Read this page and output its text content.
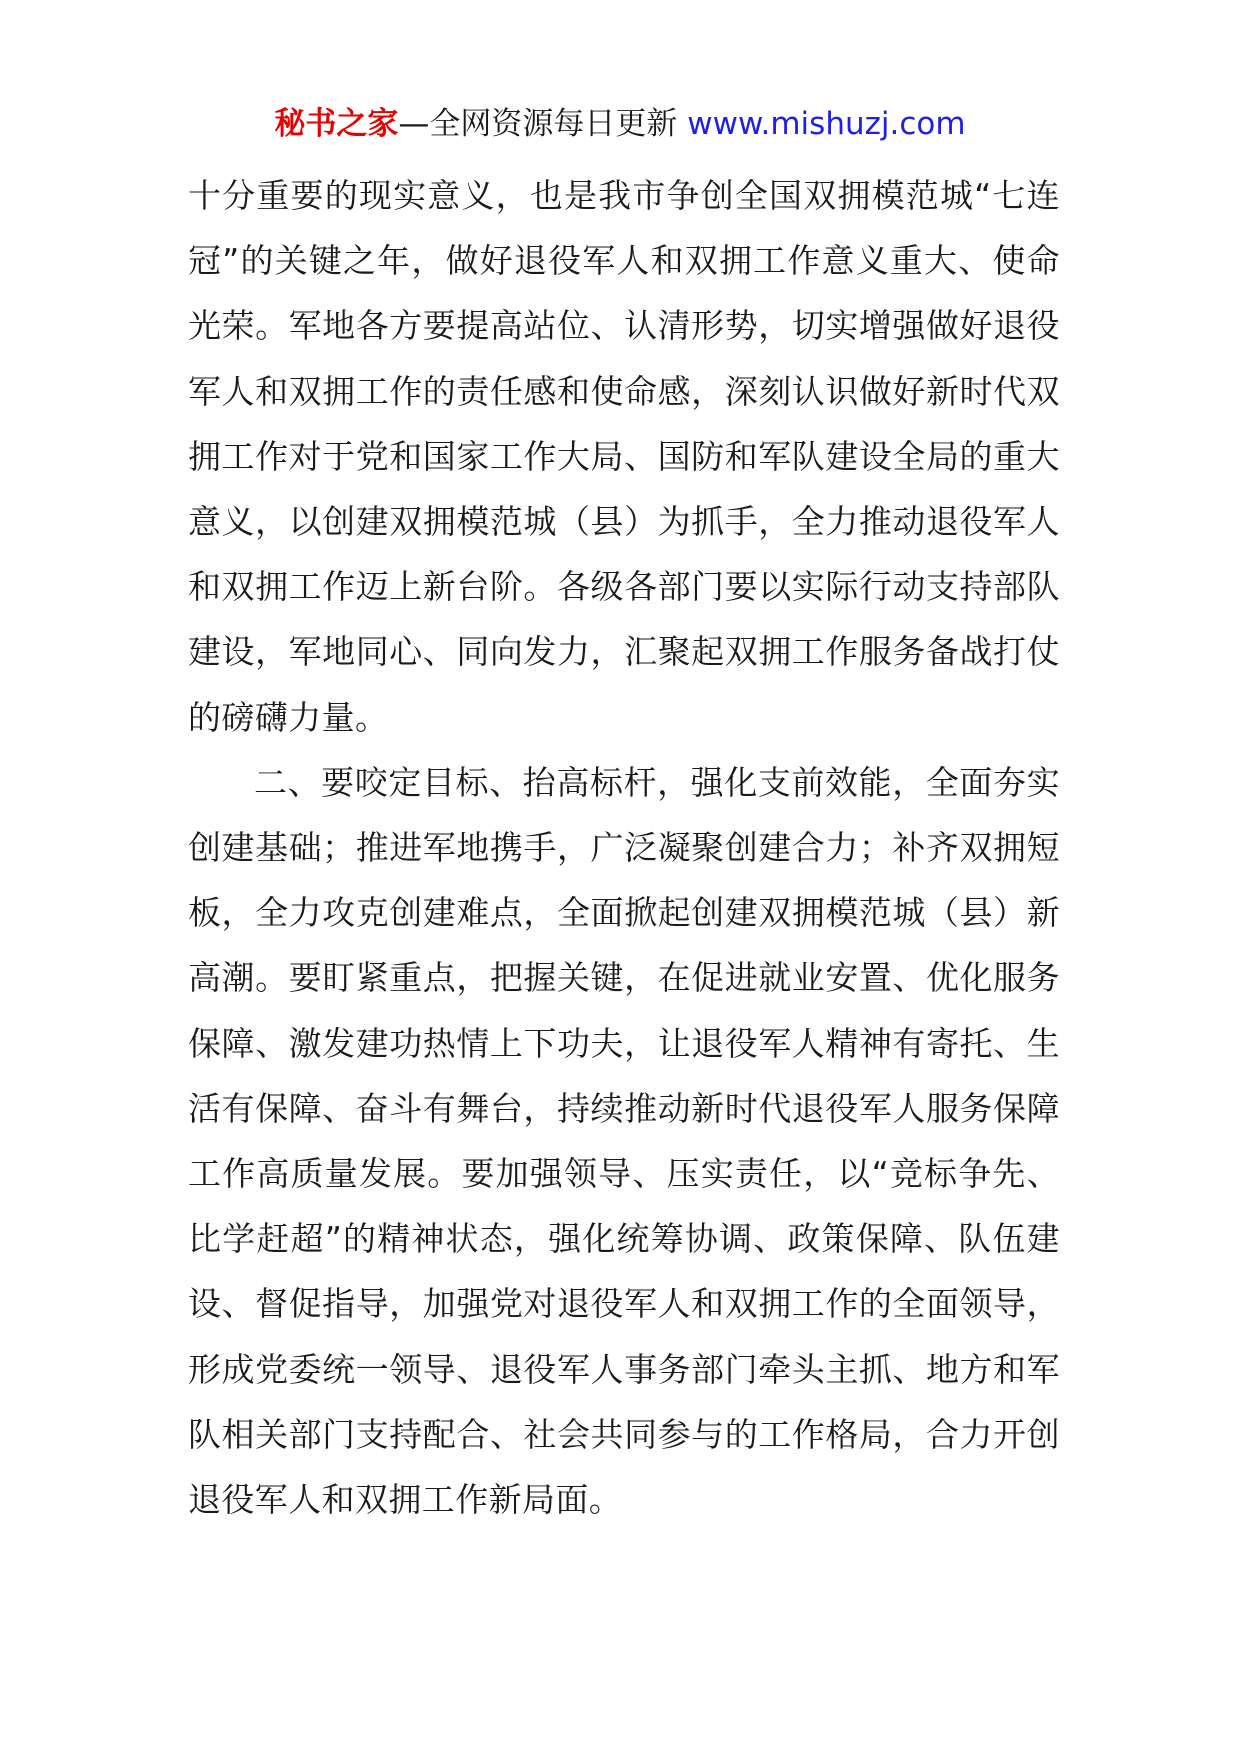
秘书之家—全网资源每日更新 www.mishuzj.com

十分重要的现实意义，也是我市争创全国双拥模范城“七连冠”的关键之年，做好退役军人和双拥工作意义重大、使命光荣。军地各方要提高站位、认清形势，切实增强做好退役军人和双拥工作的责任感和使命感，深刻认识做好新时代双拥工作对于党和国家工作大局、国防和军队建设全局的重大意义，以创建双拥模范城（县）为抓手，全力推动退役军人和双拥工作迈上新台阶。各级各部门要以实际行动支持部队建设，军地同心、同向发力，汇聚起双拥工作服务备战打仗的磅礴力量。

二、要咬定目标、抬高标杆，强化支前效能，全面夯实创建基础；推进军地携手，广泛凝聚创建合力；补齐双拥短板，全力攻克创建难点，全面掀起创建双拥模范城（县）新高潮。要盯紧重点，把握关键，在促进就业安置、优化服务保障、激发建功热情上下功夫，让退役军人精神有寄托、生活有保障、奋斗有舞台，持续推动新时代退役军人服务保障工作高质量发展。要加强领导、压实责任，以“竞标争先、比学赶超”的精神状态，强化统筹协调、政策保障、队伍建设、督促指导，加强党对退役军人和双拥工作的全面领导，形成党委统一领导、退役军人事务部门牵头主抓、地方和军队相关部门支持配合、社会共同参与的工作格局，合力开创退役军人和双拥工作新局面。
